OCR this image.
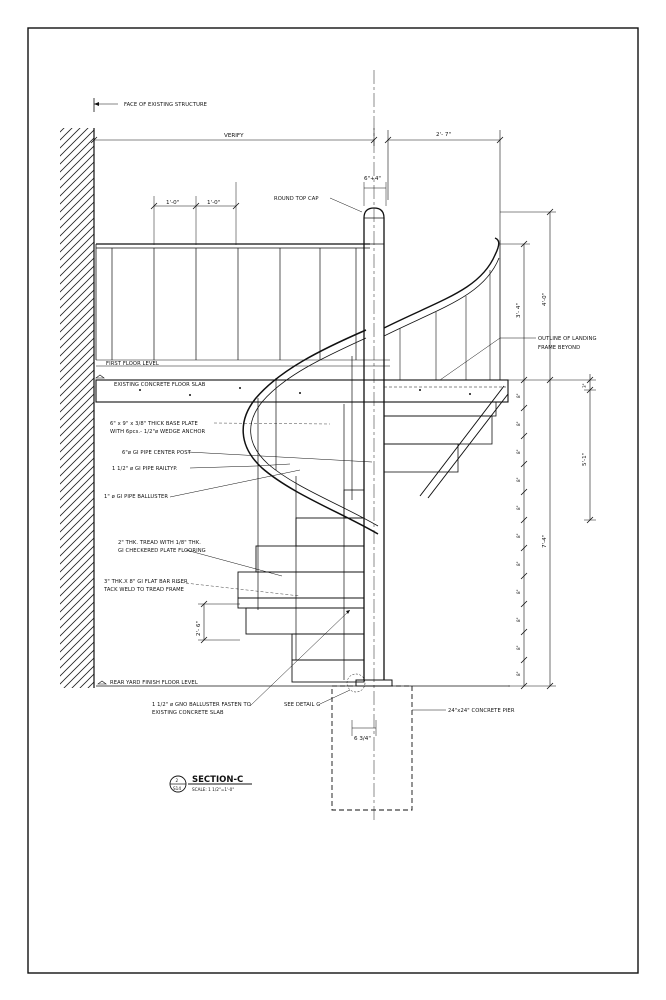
FACE OF EXISTING STRUCTURE
VERIFY	2'- 7"
6"+4"
1'-0"	1'-0"
ROUND TOP CAP
FIRST FLOOR LEVEL
EXISTING CONCRETE FLOOR SLAB
OUTLINE OF LANDING
FRAME BEYOND
REAR YARD FINISH FLOOR LEVEL
24"x24" CONCRETE PIER
6 3/4"
6" x 9" x 3/8" THICK BASE PLATE
WITH 6pcs.- 1/2"ø WEDGE ANCHOR
6"ø GI PIPE CENTER POST
1 1/2" ø GI PIPE RAILTYP.
1" ø GI PIPE BALLUSTER
2" THK. TREAD WITH 1/8" THK.
GI CHECKERED PLATE FLOORING
3" THK.X 8" GI FLAT BAR RISER
TACK WELD TO TREAD FRAME
1 1/2" ø GNO BALLUSTER FASTEN TO
EXISTING CONCRETE SLAB
SEE DETAIL G
2'- 6"
4'-0"
3'- 4"
8"
8"
8"
8"
8"
8"
8"
8"
8"
8"
8"
7'-4"
3"
5'-1"
2
S14
SECTION-C
SCALE: 1 1/2"=1'-0"
